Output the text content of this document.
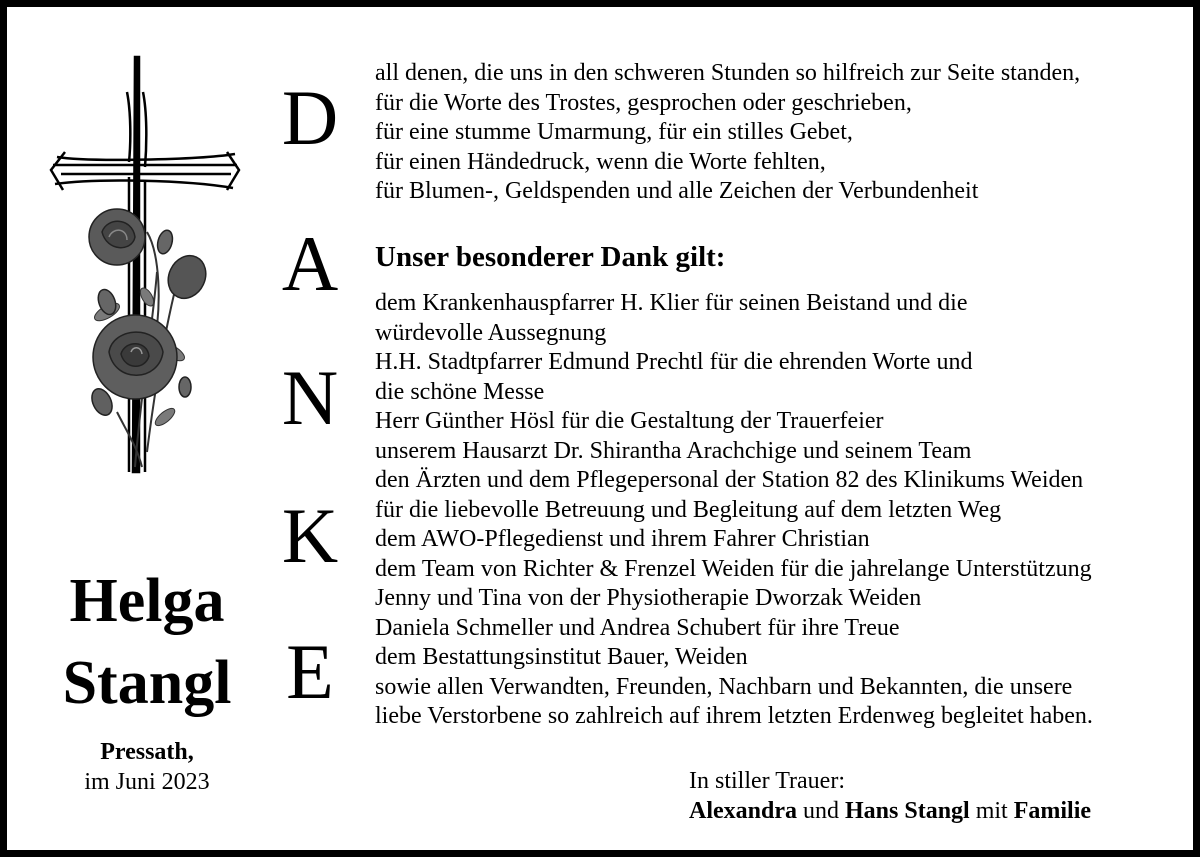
Helga
Stangl
Pressath,
im Juni 2023
D
A
N
K
E
all denen, die uns in den schweren Stunden so hilfreich zur Seite standen,
für die Worte des Trostes, gesprochen oder geschrieben,
für eine stumme Umarmung, für ein stilles Gebet,
für einen Händedruck, wenn die Worte fehlten,
für Blumen-, Geldspenden und alle Zeichen der Verbundenheit
Unser besonderer Dank gilt:
dem Krankenhauspfarrer H. Klier für seinen Beistand und die
würdevolle Aussegnung
H.H. Stadtpfarrer Edmund Prechtl für die ehrenden Worte und
die schöne Messe
Herr Günther Hösl für die Gestaltung der Trauerfeier
unserem Hausarzt Dr. Shirantha Arachchige und seinem Team
den Ärzten und dem Pflegepersonal der Station 82 des Klinikums Weiden
für die liebevolle Betreuung und Begleitung auf dem letzten Weg
dem AWO-Pflegedienst und ihrem Fahrer Christian
dem Team von Richter & Frenzel Weiden für die jahrelange Unterstützung
Jenny und Tina von der Physiotherapie Dworzak Weiden
Daniela Schmeller und Andrea Schubert für ihre Treue
dem Bestattungsinstitut Bauer, Weiden
sowie allen Verwandten, Freunden, Nachbarn und Bekannten, die unsere
liebe Verstorbene so zahlreich auf ihrem letzten Erdenweg begleitet haben.
In stiller Trauer:
Alexandra und Hans Stangl mit Familie
